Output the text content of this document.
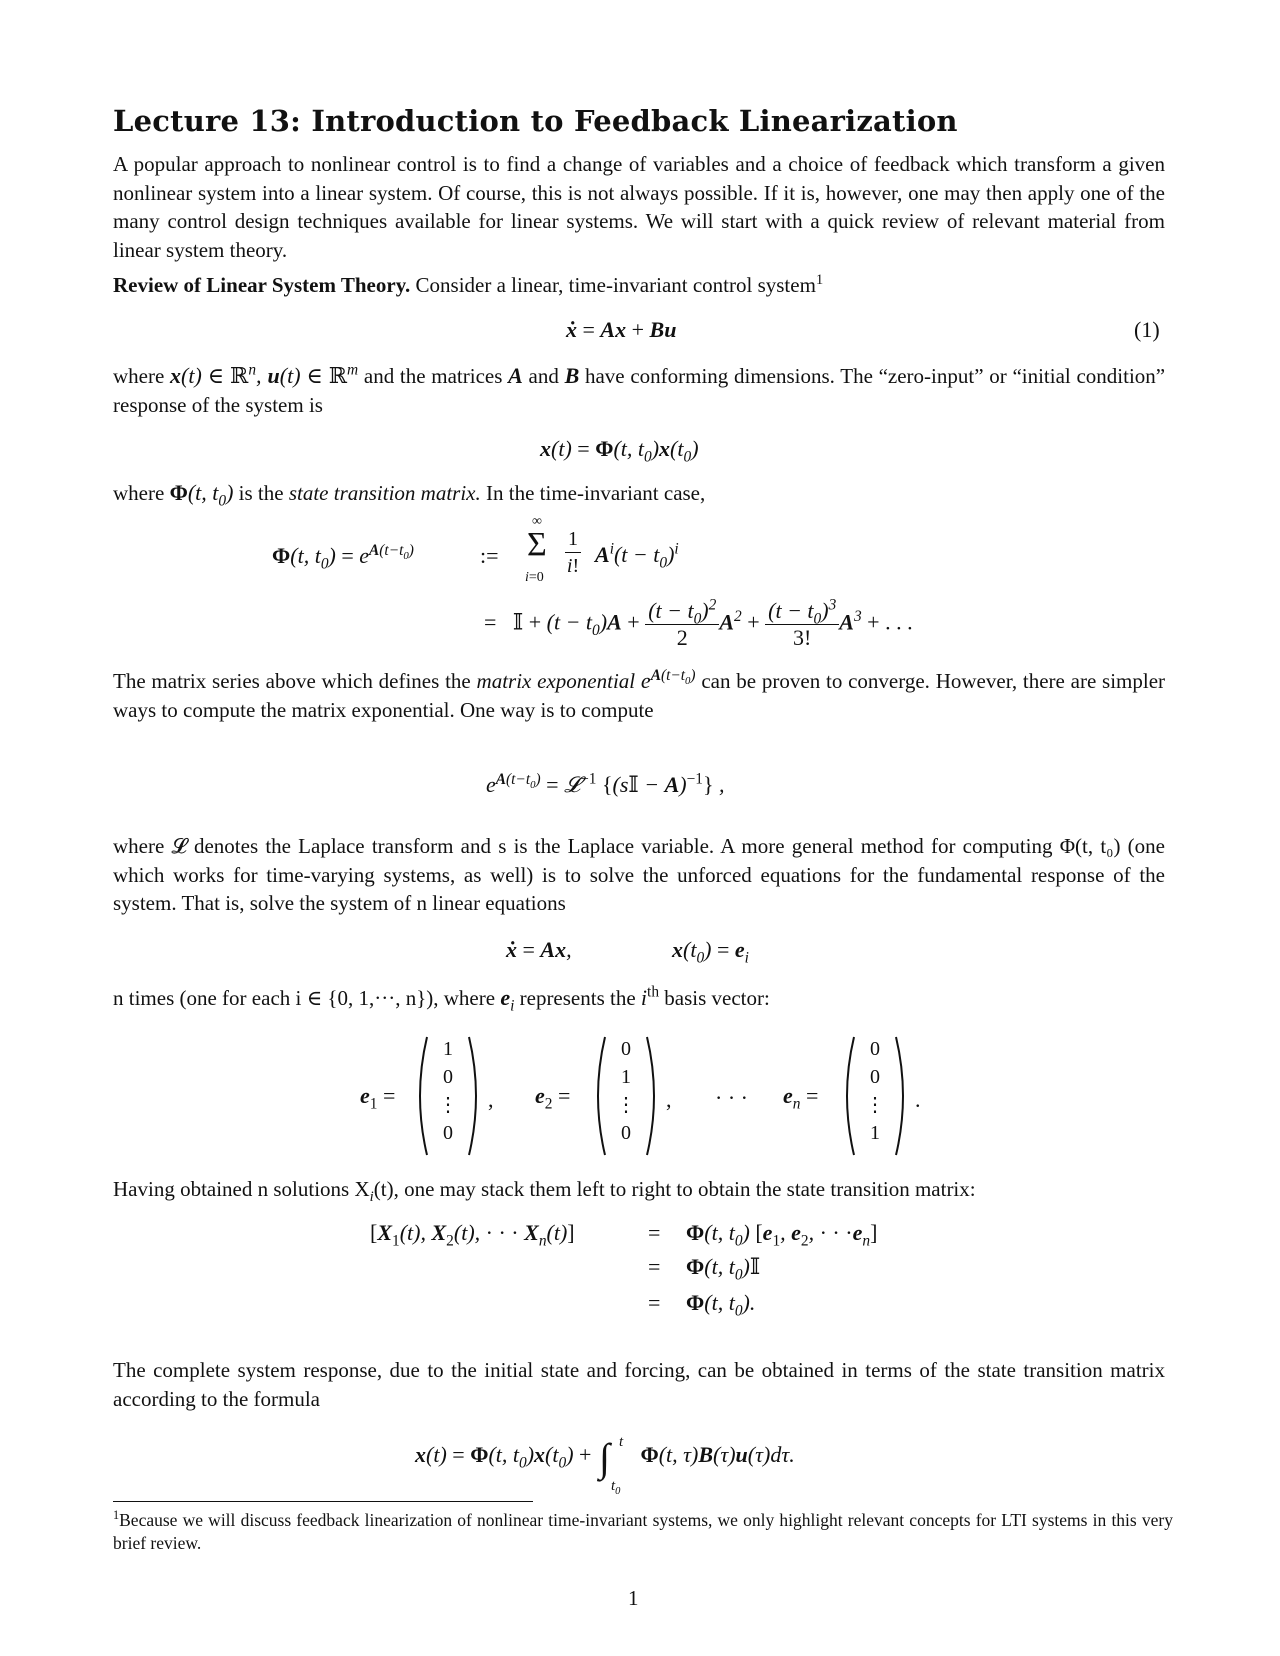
Lecture 13: Introduction to Feedback Linearization
A popular approach to nonlinear control is to find a change of variables and a choice of feedback which transform a given nonlinear system into a linear system. Of course, this is not always possible. If it is, however, one may then apply one of the many control design techniques available for linear systems. We will start with a quick review of relevant material from linear system theory.
Review of Linear System Theory. Consider a linear, time-invariant control system$^1$
ẋ = Ax + Bu	(1)
where x(t) ∈ ℝ$^n$, u(t) ∈ ℝ$^m$ and the matrices A and B have conforming dimensions. The “zero-input” or “initial condition” response of the system is
x(t) = Φ(t, $t_0)x(t_0)$
where Φ(t, $t_0$) is the state transition matrix. In the time-invariant case,
Φ(t, $t_0) = e^{A(t-t_0)}$	:=
∞
Σ
$i=0 \frac{1}{i!} A^i(t - t_0)^i$
= 𝕀 + $(t - t_0)A + \frac{(t - t_0)^2}{2} A^2 + \frac{(t - t_0)^3}{3!} A^3$ + . . .
The matrix series above which defines the matrix exponential $e^{A(t-t_0)}$ can be proven to converge. However, there are simpler ways to compute the matrix exponential. One way is to compute
$e^{A(t-t_0)}$ = 𝓛$^{-1}$ {(s𝕀 − A)$^{-1}$} ,
where 𝓛 denotes the Laplace transform and s is the Laplace variable. A more general method for computing Φ(t, t₀) (one which works for time-varying systems, as well) is to solve the unforced equations for the fundamental response of the system. That is, solve the system of n linear equations
ẋ = Ax,	$x(t_0) = e_i$
n times (one for each i ∈ {0, 1,···, n}), where $e_i$ represents the $i^{th}$ basis vector:
$e_1$ =
1
0
⋮
0
, $e_2$ =
0
1
⋮
0
, · · · $e_n$ =
0
0
⋮
1
.
Having obtained n solutions $X_i(t)$, one may stack them left to right to obtain the state transition matrix:
[$X_1(t)$, $X_2(t)$, · · · $X_n(t)$]	= Φ(t, $t_0$) [$e_1$, $e_2$, · · $\cdot e_n$]
= Φ(t, $t_0)𝕀$
= Φ(t, $t_0$).
The complete system response, due to the initial state and forcing, can be obtained in terms of the state transition matrix according to the formula
x(t) = Φ(t, $t_0)x(t_0)$ + ∫ t
$t_0$
Φ(t, τ)B(τ)u(τ)dτ.
$^1$Because we will discuss feedback linearization of nonlinear time-invariant systems, we only highlight relevant concepts for LTI systems in this very brief review.
1
